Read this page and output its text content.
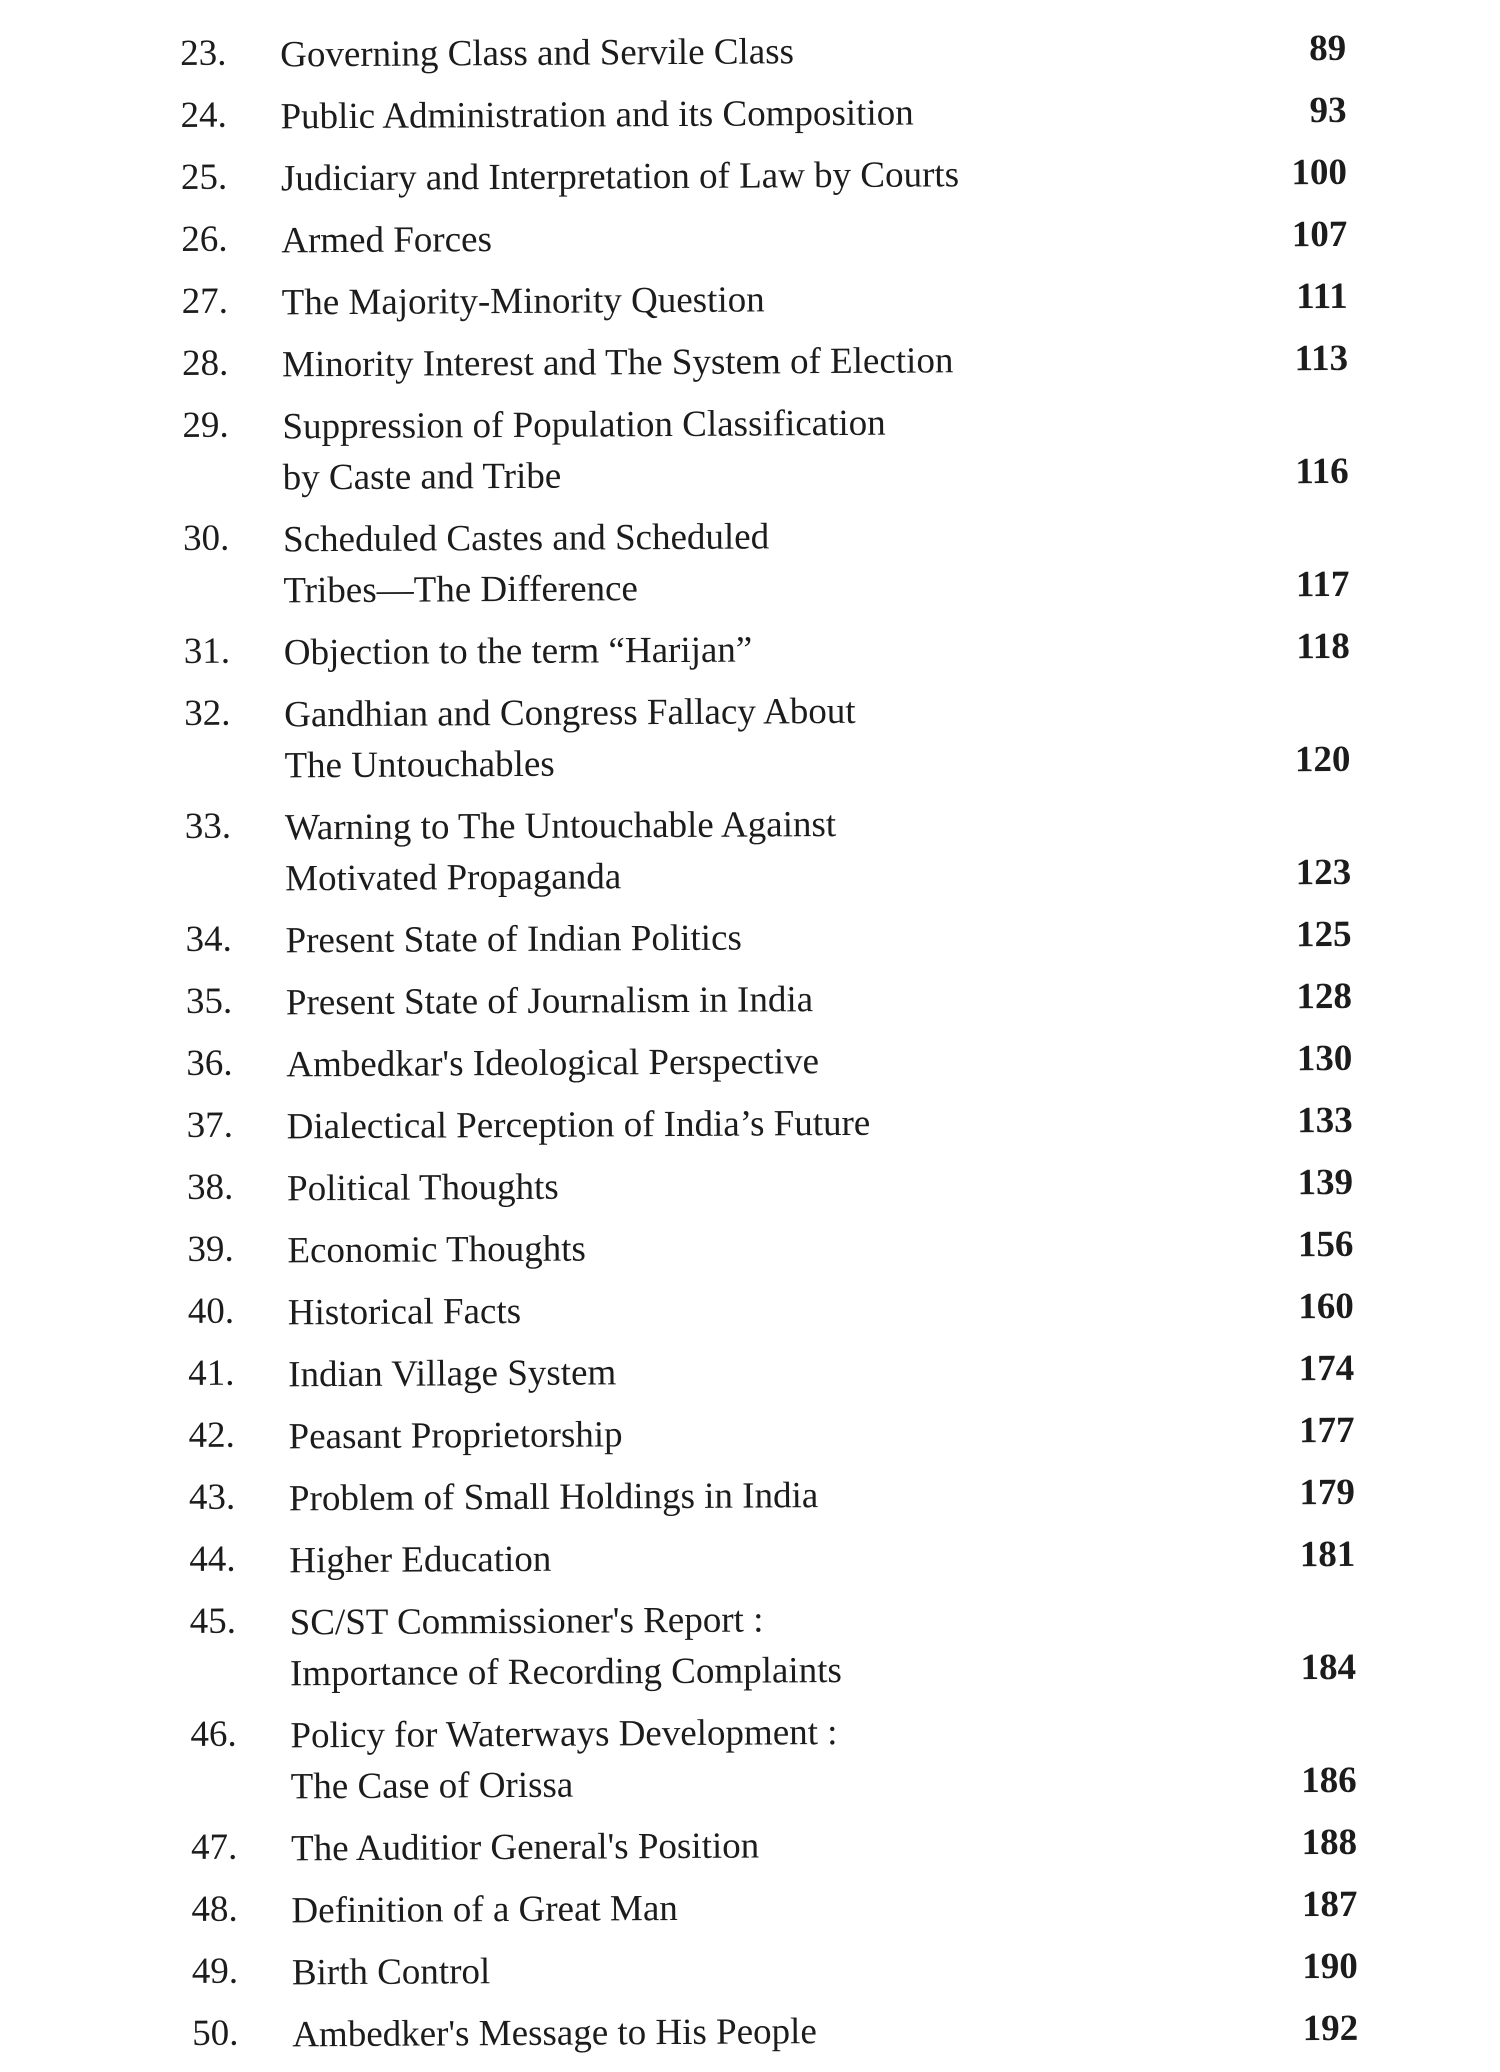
23.	Governing Class and Servile Class	89
24.	Public Administration and its Composition	93
25.	Judiciary and Interpretation of Law by Courts	100
26.	Armed Forces	107
27.	The Majority-Minority Question	111
28.	Minority Interest and The System of Election	113
29.	Suppression of Population Classification
by Caste and Tribe	116
30.	Scheduled Castes and Scheduled
Tribes—The Difference	117
31.	Objection to the term “Harijan”	118
32.	Gandhian and Congress Fallacy About
The Untouchables	120
33.	Warning to The Untouchable Against
Motivated Propaganda	123
34.	Present State of Indian Politics	125
35.	Present State of Journalism in India	128
36.	Ambedkar's Ideological Perspective	130
37.	Dialectical Perception of India’s Future	133
38.	Political Thoughts	139
39.	Economic Thoughts	156
40.	Historical Facts	160
41.	Indian Village System	174
42.	Peasant Proprietorship	177
43.	Problem of Small Holdings in India	179
44.	Higher Education	181
45.	SC/ST Commissioner's Report :
Importance of Recording Complaints	184
46.	Policy for Waterways Development :
The Case of Orissa	186
47.	The Auditior General's Position	188
48.	Definition of a Great Man	187
49.	Birth Control	190
50.	Ambedker's Message to His People	192
